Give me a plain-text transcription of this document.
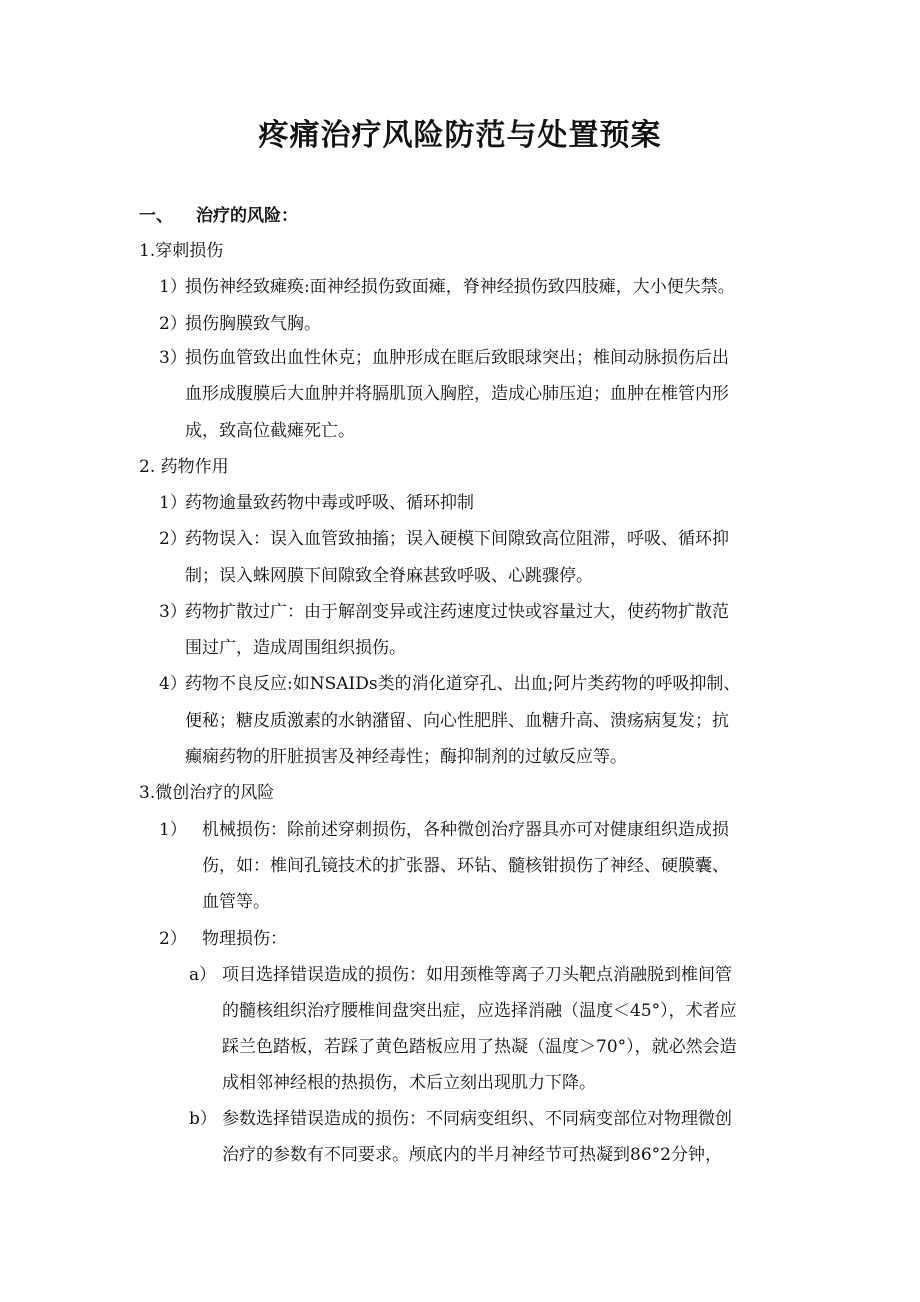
疼痛治疗风险防范与处置预案
一、 治疗的风险：
1.穿刺损伤
1）
损伤神经致瘫痪:面神经损伤致面瘫，脊神经损伤致四肢瘫，大小便失禁。
2）
损伤胸膜致气胸。
3）
损伤血管致出血性休克；血肿形成在眶后致眼球突出；椎间动脉损伤后出
血形成腹膜后大血肿并将膈肌顶入胸腔，造成心肺压迫；血肿在椎管内形
成，致高位截瘫死亡。
2. 药物作用
1）
药物逾量致药物中毒或呼吸、循环抑制
2）
药物误入：误入血管致抽搐；误入硬模下间隙致高位阻滞，呼吸、循环抑
制；误入蛛网膜下间隙致全脊麻甚致呼吸、心跳骤停。
3）
药物扩散过广：由于解剖变异或注药速度过快或容量过大，使药物扩散范
围过广，造成周围组织损伤。
4）
药物不良反应:如NSAIDs类的消化道穿孔、出血;阿片类药物的呼吸抑制、
便秘；糖皮质激素的水钠潴留、向心性肥胖、血糖升高、溃疡病复发；抗
癫痫药物的肝脏损害及神经毒性；酶抑制剂的过敏反应等。
3.微创治疗的风险
1） 机械损伤：除前述穿刺损伤，各种微创治疗器具亦可对健康组织造成损
伤，如：椎间孔镜技术的扩张器、环钻、髓核钳损伤了神经、硬膜囊、
血管等。
2） 物理损伤：
a） 项目选择错误造成的损伤：如用颈椎等离子刀头靶点消融脱到椎间管
的髓核组织治疗腰椎间盘突出症，应选择消融（温度＜45°），术者应
踩兰色踏板，若踩了黄色踏板应用了热凝（温度＞70°），就必然会造
成相邻神经根的热损伤，术后立刻出现肌力下降。
b） 参数选择错误造成的损伤：不同病变组织、不同病变部位对物理微创
治疗的参数有不同要求。颅底内的半月神经节可热凝到86°2分钟，
